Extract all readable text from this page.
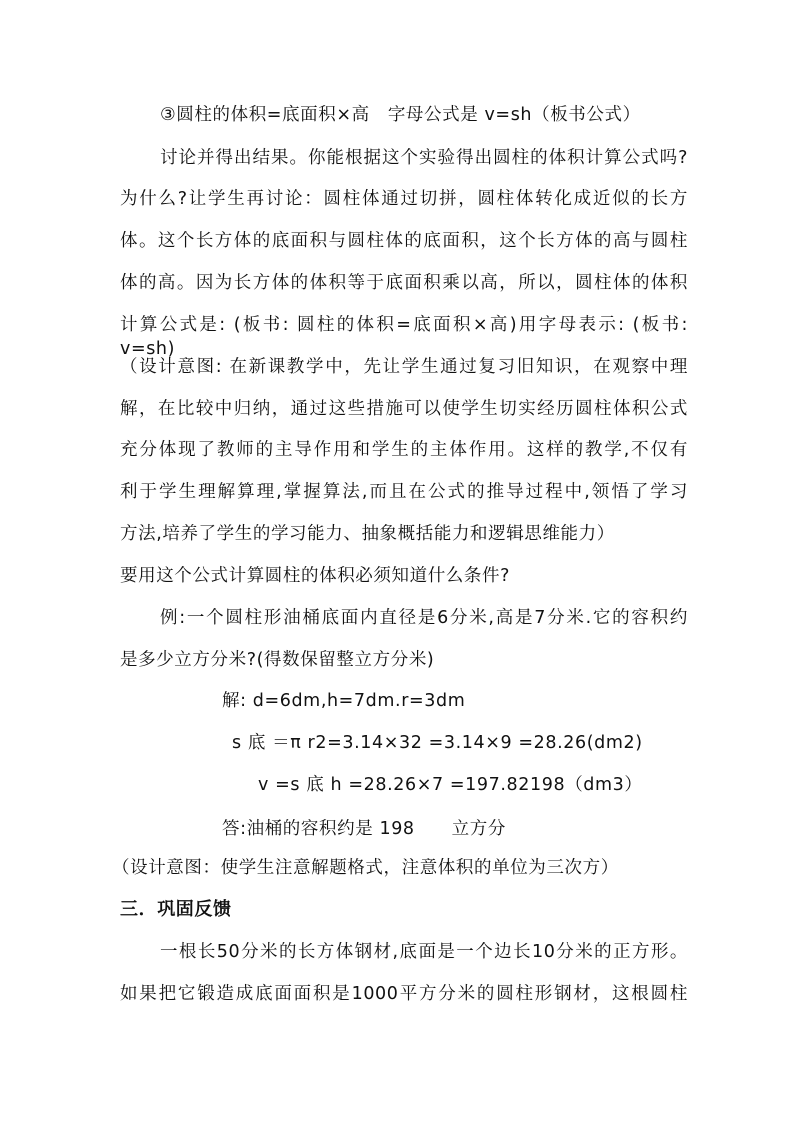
③圆柱的体积=底面积×高　字母公式是 v=sh（板书公式）
讨论并得出结果。你能根据这个实验得出圆柱的体积计算公式吗?
为什么?让学生再讨论：圆柱体通过切拼，圆柱体转化成近似的长方
体。这个长方体的底面积与圆柱体的底面积，这个长方体的高与圆柱
体的高。因为长方体的体积等于底面积乘以高，所以，圆柱体的体积
计算公式是: (板书: 圆柱的体积=底面积×高)用字母表示: (板书: v=sh)
（设计意图: 在新课教学中，先让学生通过复习旧知识，在观察中理
解，在比较中归纳，通过这些措施可以使学生切实经历圆柱体积公式
充分体现了教师的主导作用和学生的主体作用。这样的教学,不仅有
利于学生理解算理,掌握算法,而且在公式的推导过程中,领悟了学习
方法,培养了学生的学习能力、抽象概括能力和逻辑思维能力）
要用这个公式计算圆柱的体积必须知道什么条件?
例:一个圆柱形油桶底面内直径是6分米,高是7分米.它的容积约
是多少立方分米?(得数保留整立方分米)
解: d=6dm,h=7dm.r=3dm
s 底 ＝π r2=3.14×32 =3.14×9 =28.26(dm2)
v =s 底 h =28.26×7 =197.82198（dm3）
答:油桶的容积约是 198      立方分
（设计意图：使学生注意解题格式，注意体积的单位为三次方）
三．巩固反馈
一根长50分米的长方体钢材,底面是一个边长10分米的正方形。
如果把它锻造成底面面积是1000平方分米的圆柱形钢材，这根圆柱
